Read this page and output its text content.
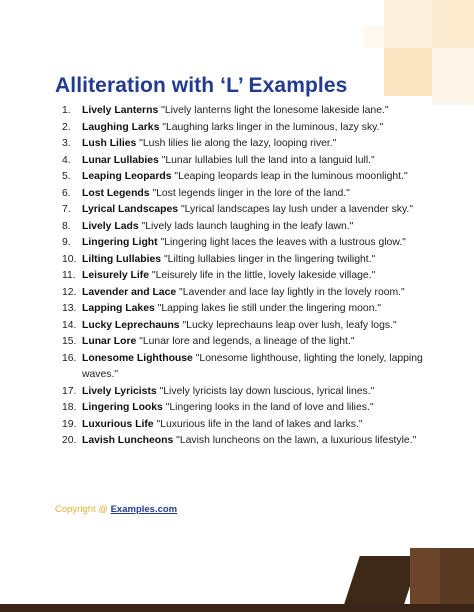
Alliteration with ‘L’ Examples
1.	Lively Lanterns "Lively lanterns light the lonesome lakeside lane."
2.	Laughing Larks "Laughing larks linger in the luminous, lazy sky."
3.	Lush Lilies "Lush lilies lie along the lazy, looping river."
4.	Lunar Lullabies "Lunar lullabies lull the land into a languid lull."
5.	Leaping Leopards "Leaping leopards leap in the luminous moonlight."
6.	Lost Legends "Lost legends linger in the lore of the land."
7.	Lyrical Landscapes "Lyrical landscapes lay lush under a lavender sky."
8.	Lively Lads "Lively lads launch laughing in the leafy lawn."
9.	Lingering Light "Lingering light laces the leaves with a lustrous glow."
10. Lilting Lullabies "Lilting lullabies linger in the lingering twilight."
11. Leisurely Life "Leisurely life in the little, lovely lakeside village."
12. Lavender and Lace "Lavender and lace lay lightly in the lovely room."
13. Lapping Lakes "Lapping lakes lie still under the lingering moon."
14. Lucky Leprechauns "Lucky leprechauns leap over lush, leafy logs."
15. Lunar Lore "Lunar lore and legends, a lineage of the light."
16. Lonesome Lighthouse "Lonesome lighthouse, lighting the lonely, lapping waves."
17. Lively Lyricists "Lively lyricists lay down luscious, lyrical lines."
18. Lingering Looks "Lingering looks in the land of love and lilies."
19. Luxurious Life "Luxurious life in the land of lakes and larks."
20. Lavish Luncheons "Lavish luncheons on the lawn, a luxurious lifestyle."
Copyright @ Examples.com
